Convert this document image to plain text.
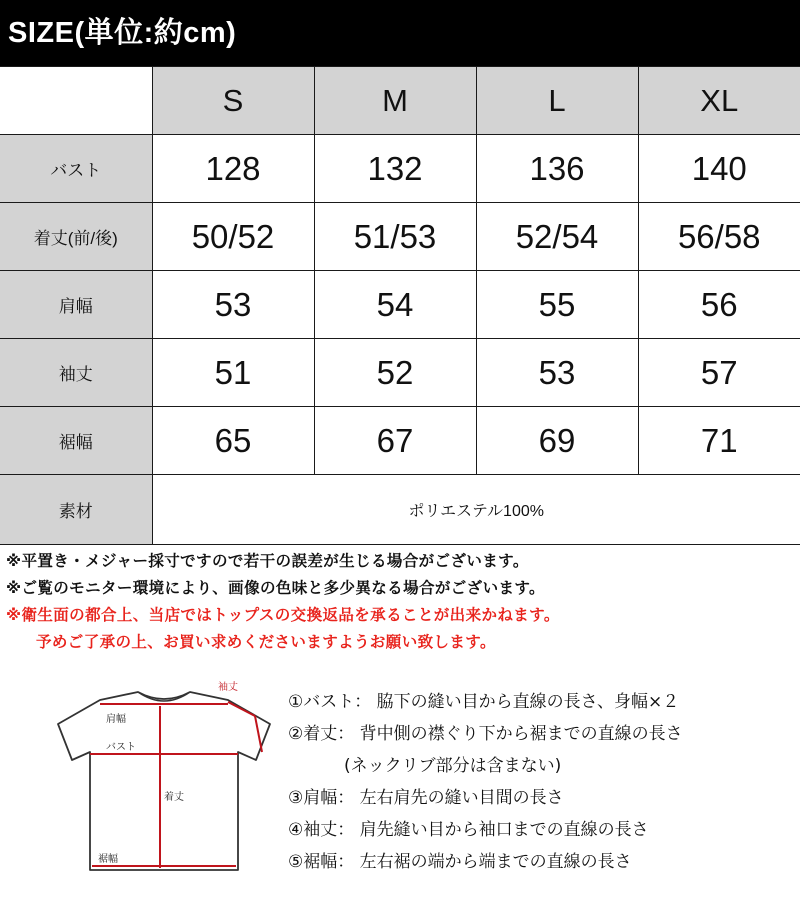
SIZE(単位:約cm)
	S	M	L	XL
バスト	128	132	136	140
着丈(前/後)	50/52	51/53	52/54	56/58
肩幅	53	54	55	56
袖丈	51	52	53	57
裾幅	65	67	69	71
素材	ポリエステル100%			
※平置き・メジャー採寸ですので若干の誤差が生じる場合がございます。
※ご覧のモニター環境により、画像の色味と多少異なる場合がございます。
※衛生面の都合上、当店ではトップスの交換返品を承ることが出来かねます。
予めご了承の上、お買い求めくださいますようお願い致します。
肩幅
バスト
着丈
裾幅
袖丈
①バスト： 脇下の縫い目から直線の長さ、身幅×２
②着丈： 背中側の襟ぐり下から裾までの直線の長さ
(ネックリブ部分は含まない)
③肩幅： 左右肩先の縫い目間の長さ
④袖丈： 肩先縫い目から袖口までの直線の長さ
⑤裾幅： 左右裾の端から端までの直線の長さ
